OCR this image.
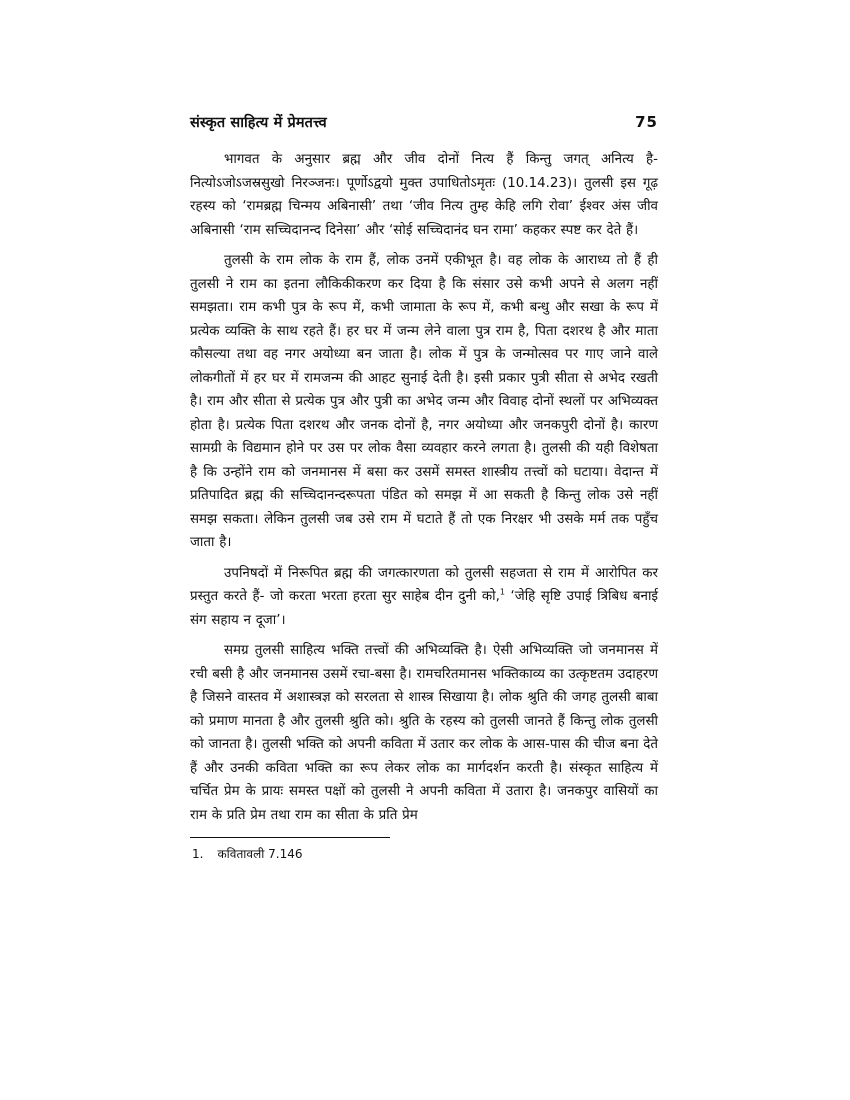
संस्कृत साहित्य में प्रेमतत्त्व	75

भागवत के अनुसार ब्रह्म और जीव दोनों नित्य हैं किन्तु जगत् अनित्य है- नित्योऽजोऽजस्रसुखो निरञ्जनः। पूर्णोऽद्वयो मुक्त उपाधितोऽमृतः (10.14.23)। तुलसी इस गूढ़ रहस्य को ‘रामब्रह्म चिन्मय अबिनासी’ तथा ‘जीव नित्य तुम्ह केहि लगि रोवा’ ईश्वर अंस जीव अबिनासी ‘राम सच्चिदानन्द दिनेसा’ और ‘सोई सच्चिदानंद घन रामा’ कहकर स्पष्ट कर देते हैं।

तुलसी के राम लोक के राम हैं, लोक उनमें एकीभूत है। वह लोक के आराध्य तो हैं ही तुलसी ने राम का इतना लौकिकीकरण कर दिया है कि संसार उसे कभी अपने से अलग नहीं समझता। राम कभी पुत्र के रूप में, कभी जामाता के रूप में, कभी बन्धु और सखा के रूप में प्रत्येक व्यक्ति के साथ रहते हैं। हर घर में जन्म लेने वाला पुत्र राम है, पिता दशरथ है और माता कौसल्या तथा वह नगर अयोध्या बन जाता है। लोक में पुत्र के जन्मोत्सव पर गाए जाने वाले लोकगीतों में हर घर में रामजन्म की आहट सुनाई देती है। इसी प्रकार पुत्री सीता से अभेद रखती है। राम और सीता से प्रत्येक पुत्र और पुत्री का अभेद जन्म और विवाह दोनों स्थलों पर अभिव्यक्त होता है। प्रत्येक पिता दशरथ और जनक दोनों है, नगर अयोध्या और जनकपुरी दोनों है। कारण सामग्री के विद्यमान होने पर उस पर लोक वैसा व्यवहार करने लगता है। तुलसी की यही विशेषता है कि उन्होंने राम को जनमानस में बसा कर उसमें समस्त शास्त्रीय तत्त्वों को घटाया। वेदान्त में प्रतिपादित ब्रह्म की सच्चिदानन्दरूपता पंडित को समझ में आ सकती है किन्तु लोक उसे नहीं समझ सकता। लेकिन तुलसी जब उसे राम में घटाते हैं तो एक निरक्षर भी उसके मर्म तक पहुँच जाता है।

उपनिषदों में निरूपित ब्रह्म की जगत्कारणता को तुलसी सहजता से राम में आरोपित कर प्रस्तुत करते हैं- जो करता भरता हरता सुर साहेब दीन दुनी को,$^1$ ‘जेहि सृष्टि उपाई त्रिबिध बनाई संग सहाय न दूजा’।

समग्र तुलसी साहित्य भक्ति तत्त्वों की अभिव्यक्ति है। ऐसी अभिव्यक्ति जो जनमानस में रची बसी है और जनमानस उसमें रचा-बसा है। रामचरितमानस भक्तिकाव्य का उत्कृष्टतम उदाहरण है जिसने वास्तव में अशास्त्रज्ञ को सरलता से शास्त्र सिखाया है। लोक श्रुति की जगह तुलसी बाबा को प्रमाण मानता है और तुलसी श्रुति को। श्रुति के रहस्य को तुलसी जानते हैं किन्तु लोक तुलसी को जानता है। तुलसी भक्ति को अपनी कविता में उतार कर लोक के आस-पास की चीज बना देते हैं और उनकी कविता भक्ति का रूप लेकर लोक का मार्गदर्शन करती है। संस्कृत साहित्य में चर्चित प्रेम के प्रायः समस्त पक्षों को तुलसी ने अपनी कविता में उतारा है। जनकपुर वासियों का राम के प्रति प्रेम तथा राम का सीता के प्रति प्रेम

1. कवितावली 7.146
